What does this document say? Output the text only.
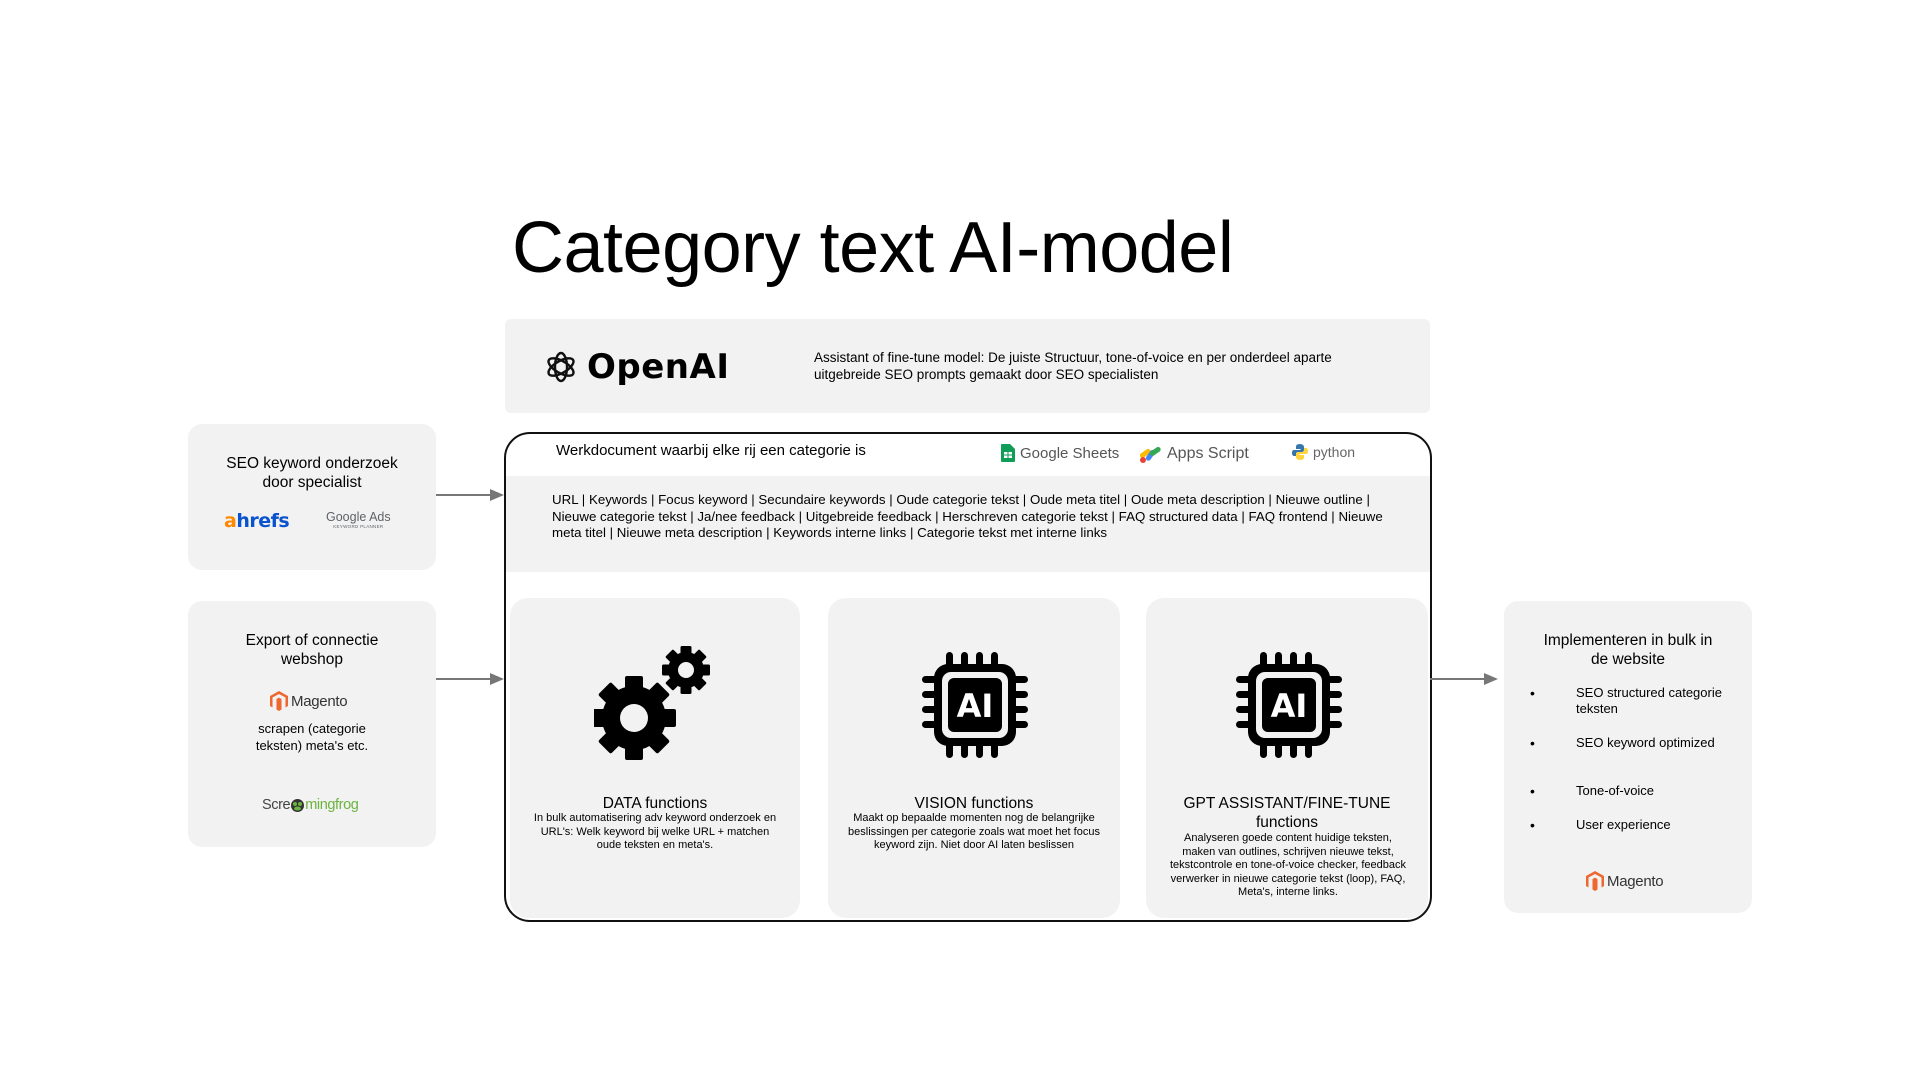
Category text AI-model
OpenAI	Assistant of fine-tune model: De juiste Structuur, tone-of-voice en per onderdeel aparte uitgebreide SEO prompts gemaakt door SEO specialisten
SEO keyword onderzoek door specialist
ahrefs	Google Ads
KEYWORD PLANNER
Export of connectie webshop
Magento
scrapen (categorie teksten) meta's etc.
Scre mingfrog
Werkdocument waarbij elke rij een categorie is	Google Sheets	Apps Script	python
URL | Keywords | Focus keyword | Secundaire keywords | Oude categorie tekst | Oude meta titel | Oude meta description | Nieuwe outline | Nieuwe categorie tekst | Ja/nee feedback | Uitgebreide feedback | Herschreven categorie tekst | FAQ structured data | FAQ frontend | Nieuwe meta titel | Nieuwe meta description | Keywords interne links | Categorie tekst met interne links
DATA functions
In bulk automatisering adv keyword onderzoek en URL's: Welk keyword bij welke URL + matchen oude teksten en meta's.
AI
VISION functions
Maakt op bepaalde momenten nog de belangrijke beslissingen per categorie zoals wat moet het focus keyword zijn. Niet door AI laten beslissen
AI
GPT ASSISTANT/FINE-TUNE functions
Analyseren goede content huidige teksten, maken van outlines, schrijven nieuwe tekst, tekstcontrole en tone-of-voice checker, feedback verwerker in nieuwe categorie tekst (loop), FAQ, Meta's, interne links.
Implementeren in bulk in de website
•	SEO structured categorie teksten
•	SEO keyword optimized
•	Tone-of-voice
•	User experience
Magento
